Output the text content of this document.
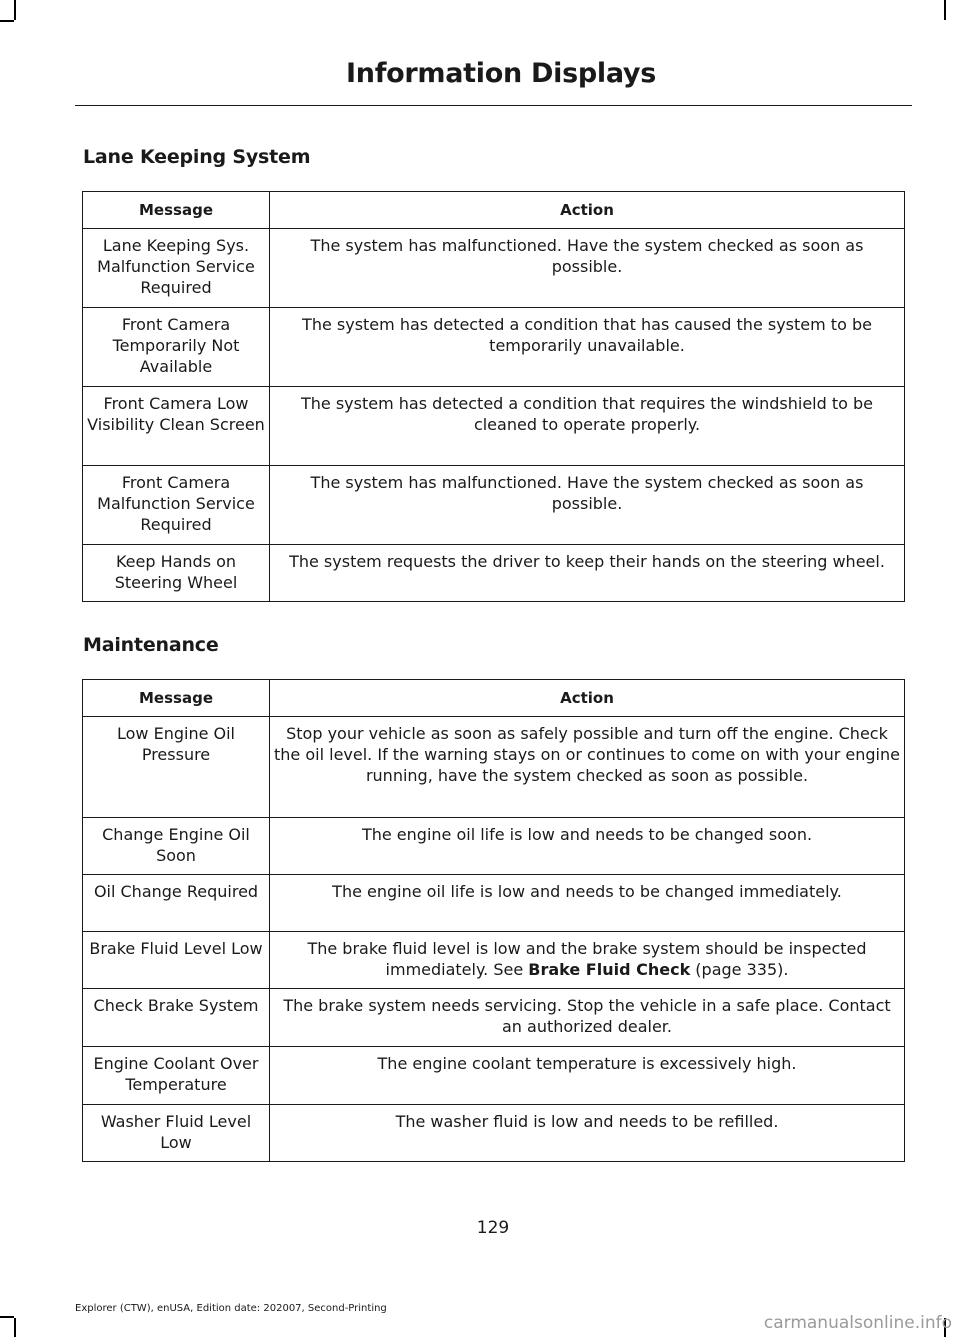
Information Displays
Lane Keeping System
Message	Action
Lane Keeping Sys. Malfunction Service Required	The system has malfunctioned. Have the system checked as soon as possible.
Front Camera Temporarily Not Available	The system has detected a condition that has caused the system to be temporarily unavailable.
Front Camera Low Visibility Clean Screen	The system has detected a condition that requires the windshield to be cleaned to operate properly.
Front Camera Malfunction Service Required	The system has malfunctioned. Have the system checked as soon as possible.
Keep Hands on Steering Wheel	The system requests the driver to keep their hands on the steering wheel.
Maintenance
Message	Action
Low Engine Oil Pressure	Stop your vehicle as soon as safely possible and turn off the engine. Check the oil level. If the warning stays on or continues to come on with your engine running, have the system checked as soon as possible.
Change Engine Oil Soon	The engine oil life is low and needs to be changed soon.
Oil Change Required	The engine oil life is low and needs to be changed immediately.
Brake Fluid Level Low	The brake fluid level is low and the brake system should be inspected immediately. See Brake Fluid Check (page 335).
Check Brake System	The brake system needs servicing. Stop the vehicle in a safe place. Contact an authorized dealer.
Engine Coolant Over Temperature	The engine coolant temperature is excessively high.
Washer Fluid Level Low	The washer fluid is low and needs to be refilled.
129
Explorer (CTW), enUSA, Edition date: 202007, Second-Printing
carmanualsonline.info
